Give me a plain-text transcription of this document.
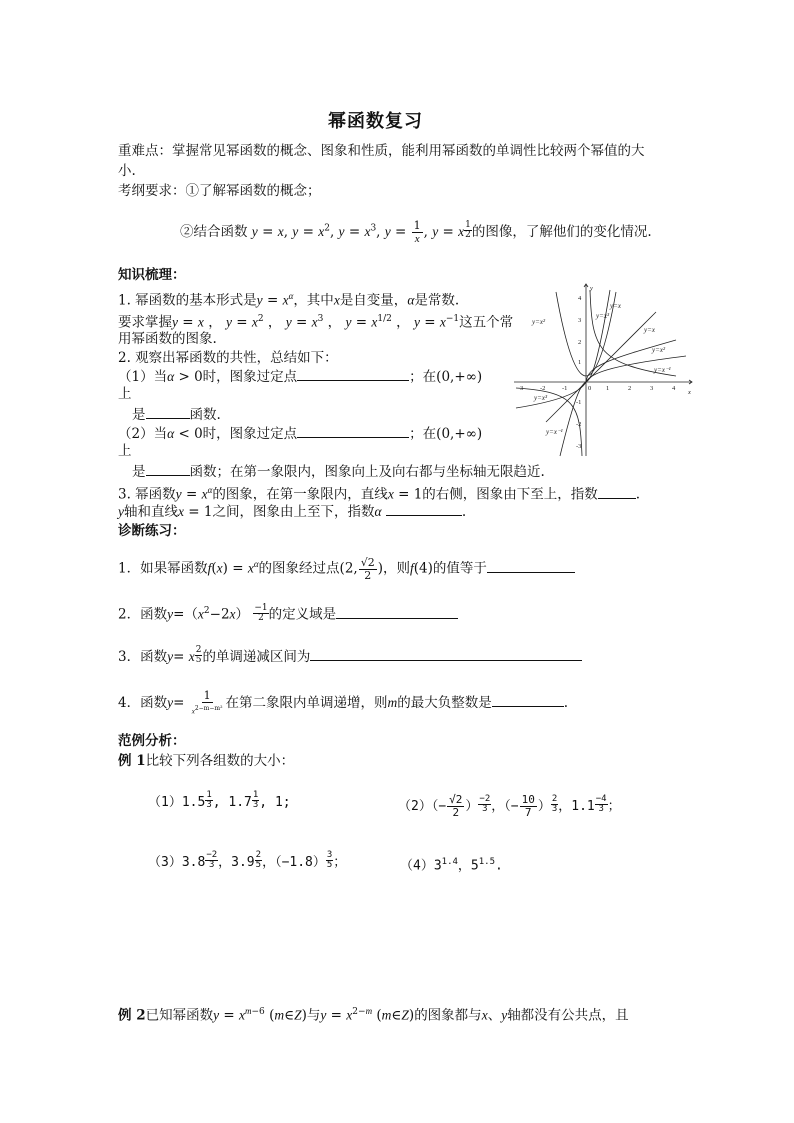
幂函数复习
重难点：掌握常见幂函数的概念、图象和性质，能利用幂函数的单调性比较两个幂值的大
小.
考纲要求：①了解幂函数的概念；
②结合函数 y = x, $y = x^2$, $y = x^3$, $y = \frac{1}{x}$ , y = x $\frac{1}{2}$ 的图像，了解他们的变化情况.
知识梳理：
1. 幂函数的基本形式是$y = x^\alpha$，其中x是自变量，α是常数.
要求掌握y = x ， $y = x^2$ ， $y = x^3$ ， $y = x^{1/2}$ ， $y = x^{-1}$这五个常
用幂函数的图象.
2. 观察出幂函数的共性，总结如下：
（1）当α > 0时，图象过定点	；在(0,+∞)
上
是	函数.
（2）当α < 0时，图象过定点	；在(0,+∞)
上
是	函数；在第一象限内，图象向上及向右都与坐标轴无限趋近.
3. 幂函数$y = x^\alpha$的图象，在第一象限内，直线x = 1的右侧，图象由下至上，指数	.
y轴和直线x = 1之间，图象由上至下，指数α	.
y=x²
y=x³
y=x
y=x
y=x²
y=x⁻¹
y=x³
y=x⁻¹
-3	-2	-1	0 1	2	3	4
4
3
2
1
-1
-2
-3
x
y
诊断练习：
1．如果幂函数$f(x) = x^\alpha$的图象经过点(2, $\frac{√2}{2}$ )，则f(4)的值等于
2．函数$y=(x^2-2x) \frac{-1}{2}$ 的定义域是
3．函数y= x $\frac{2}{5}$ 的单调递减区间为
4．函数$y= \frac{1}{x^{2-m-m^2}}$ 在第二象限内单调递增，则m的最大负整数是	.
范例分析：
例 1比较下列各组数的大小：
$(1)1.5 \frac{1}{3}$ , $1.7 \frac{1}{3}$ , 1;	$(2)(- \frac{√2}{2}$ ） $\frac{-2}{3}$ ，（− $\frac{10}{7}$ ） $\frac{2}{3}$ ，$1.1 \frac{-4}{3}$ ；
$(3)3.8 \frac{-2}{3}$ ，$3.9 \frac{2}{5}$ ，$(-1.8) \frac{3}{5}$ ；	$(4)3^{1.4}$，$5^{1.5}$.
例 2已知幂函数$y = x^{m-6}$ (m∈Z)与$y = x^{2-m}$ (m∈Z)的图象都与x、y轴都没有公共点，且
